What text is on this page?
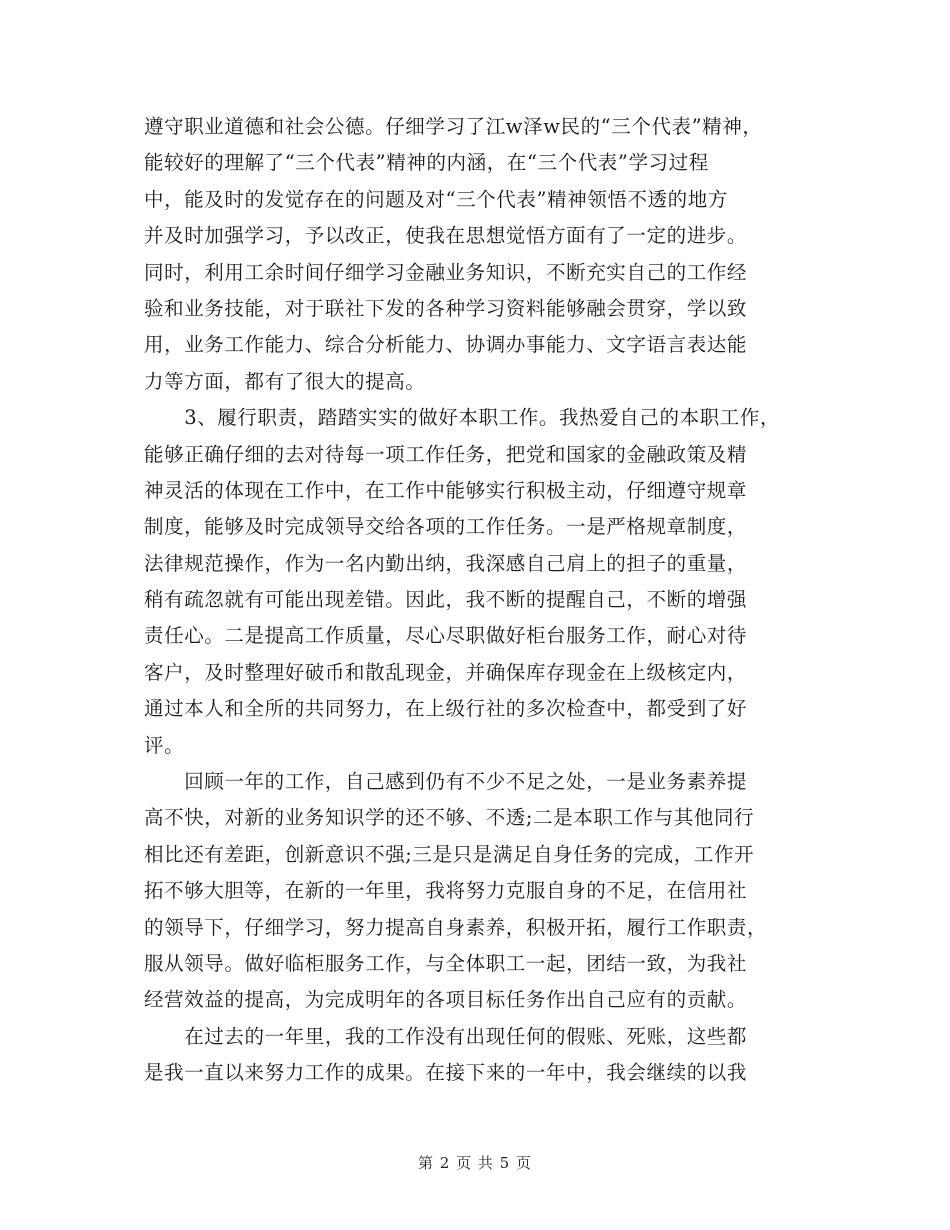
遵守职业道德和社会公德。仔细学习了江w泽w民的“三个代表”精神，
能较好的理解了“三个代表”精神的内涵，在“三个代表”学习过程
中，能及时的发觉存在的问题及对“三个代表”精神领悟不透的地方
并及时加强学习，予以改正，使我在思想觉悟方面有了一定的进步。
同时，利用工余时间仔细学习金融业务知识，不断充实自己的工作经
验和业务技能，对于联社下发的各种学习资料能够融会贯穿，学以致
用，业务工作能力、综合分析能力、协调办事能力、文字语言表达能
力等方面，都有了很大的提高。
　　3、履行职责，踏踏实实的做好本职工作。我热爱自己的本职工作，
能够正确仔细的去对待每一项工作任务，把党和国家的金融政策及精
神灵活的体现在工作中，在工作中能够实行积极主动，仔细遵守规章
制度，能够及时完成领导交给各项的工作任务。一是严格规章制度，
法律规范操作，作为一名内勤出纳，我深感自己肩上的担子的重量，
稍有疏忽就有可能出现差错。因此，我不断的提醒自己，不断的增强
责任心。二是提高工作质量，尽心尽职做好柜台服务工作，耐心对待
客户，及时整理好破币和散乱现金，并确保库存现金在上级核定内，
通过本人和全所的共同努力，在上级行社的多次检查中，都受到了好
评。
　　回顾一年的工作，自己感到仍有不少不足之处，一是业务素养提
高不快，对新的业务知识学的还不够、不透;二是本职工作与其他同行
相比还有差距，创新意识不强;三是只是满足自身任务的完成，工作开
拓不够大胆等，在新的一年里，我将努力克服自身的不足，在信用社
的领导下，仔细学习，努力提高自身素养，积极开拓，履行工作职责，
服从领导。做好临柜服务工作，与全体职工一起，团结一致，为我社
经营效益的提高，为完成明年的各项目标任务作出自己应有的贡献。
　　在过去的一年里，我的工作没有出现任何的假账、死账，这些都
是我一直以来努力工作的成果。在接下来的一年中，我会继续的以我
第 2 页 共 5 页
